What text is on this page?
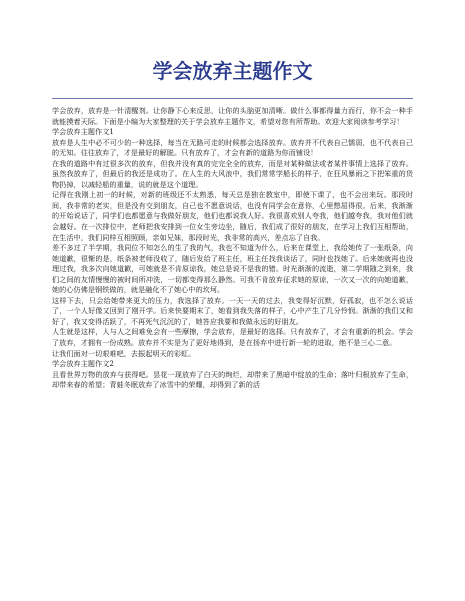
学会放弃主题作文

学会放弃，放弃是一针清醒剂。让你静下心来反思，让你的头脑更加清晰。做什么事都得量力而行，你不会一种手就能摸着天际。下面是小编为大家整理的关于学会放弃主题作文，希望对您有所帮助。欢迎大家阅读参考学习！

学会放弃主题作文1

放弃是人生中必不可少的一种选择，每当在无路可走的时候都会选择放弃。放弃并不代表自己懦弱，也不代表自己的无知。往往放弃了，才是最好的解脱。只有放弃了，才会有新的道路为你而铺设！

在我的道路中有过很多次的放弃，但我并没有真的完完全全的放弃，而是对某种做法或者某件事情上选择了放弃。虽然我放弃了，但最后的我还是成功了。在人生的大风浪中，我们常常学船长的样子，在狂风暴雨之下把笨重的货物扔掉，以减轻船的重量，说的就是这个道理。

记得在我刚上初一的时候，对新的班级还不太熟悉，每天总是独在教室中，即使下课了，也不会出来玩。那段时间，我非常的老实，但是没有交到朋友，自己也不愿意说话，也没有同学会在意你，心里憋屈得很。后来，我渐渐的开始说话了，同学们也都愿意与我做好朋友，他们也都说我人好。我很喜欢别人夸我，他们越夸我，我对他们就会越好。在一次排位中，老师把我安排到一位女生旁边坐，随后，我们成了很好的朋友，在学习上我们互相帮助，在生活中，我们同样互相照顾，亲如兄妹，那段时光，我非常的高兴，差点忘了自我。

差不多过了半学期，我同位不知怎么的生了我的气，我也不知道为什么，后来在课堂上，我给她传了一张纸条，向她道歉，很惭的是，纸条被老师没收了，随后发给了班主任，班主任找我谈话了，同时也找她了。后来她就再也没理过我，我多次向她道歉，可她就是不肯原谅我，她总是说不是我的错。时光渐渐的流逝，第二学期随之到来，我们之间的友情慢慢的被时间所冲洗，一切都变得那么静然。可我不肯放弃征求她的原谅，一次又一次的向她道歉，她的心仿佛是钢铁做的，就是融化不了她心中的坎坷。

这样下去，只会给她带来更大的压力，我选择了放弃。一天一天的过去，我变得好沉默，好孤寂，也不怎么说话了，一个人好像又回到了刚开学。后来快要期末了，她看到我失落的样子，心中产生了几分怜悯。渐渐的我们又和好了，我又变得活跃了，不再死气沉沉的了，她答应我要和我做永远的好朋友。

人生就是这样，人与人之间难免会有一些摩擦，学会放弃，是最好的选择。只有放弃了，才会有重新的机会。学会了放弃，才拥有一份成熟。放弃并不实是为了更好地得到，是在扬弃中进行新一轮的进取，绝不是三心二意。

让我们面对一切艰难吧，去振起明天的彩虹。

学会放弃主题作文2

且看世界万物的放弃与获得吧。昙花一现放弃了白天的绚烂，却带来了黑暗中绽放的生命；落叶归根放弃了生命，却带来春的希望；青蛙冬眠放弃了冰雪中的荣耀，却得到了新的活
